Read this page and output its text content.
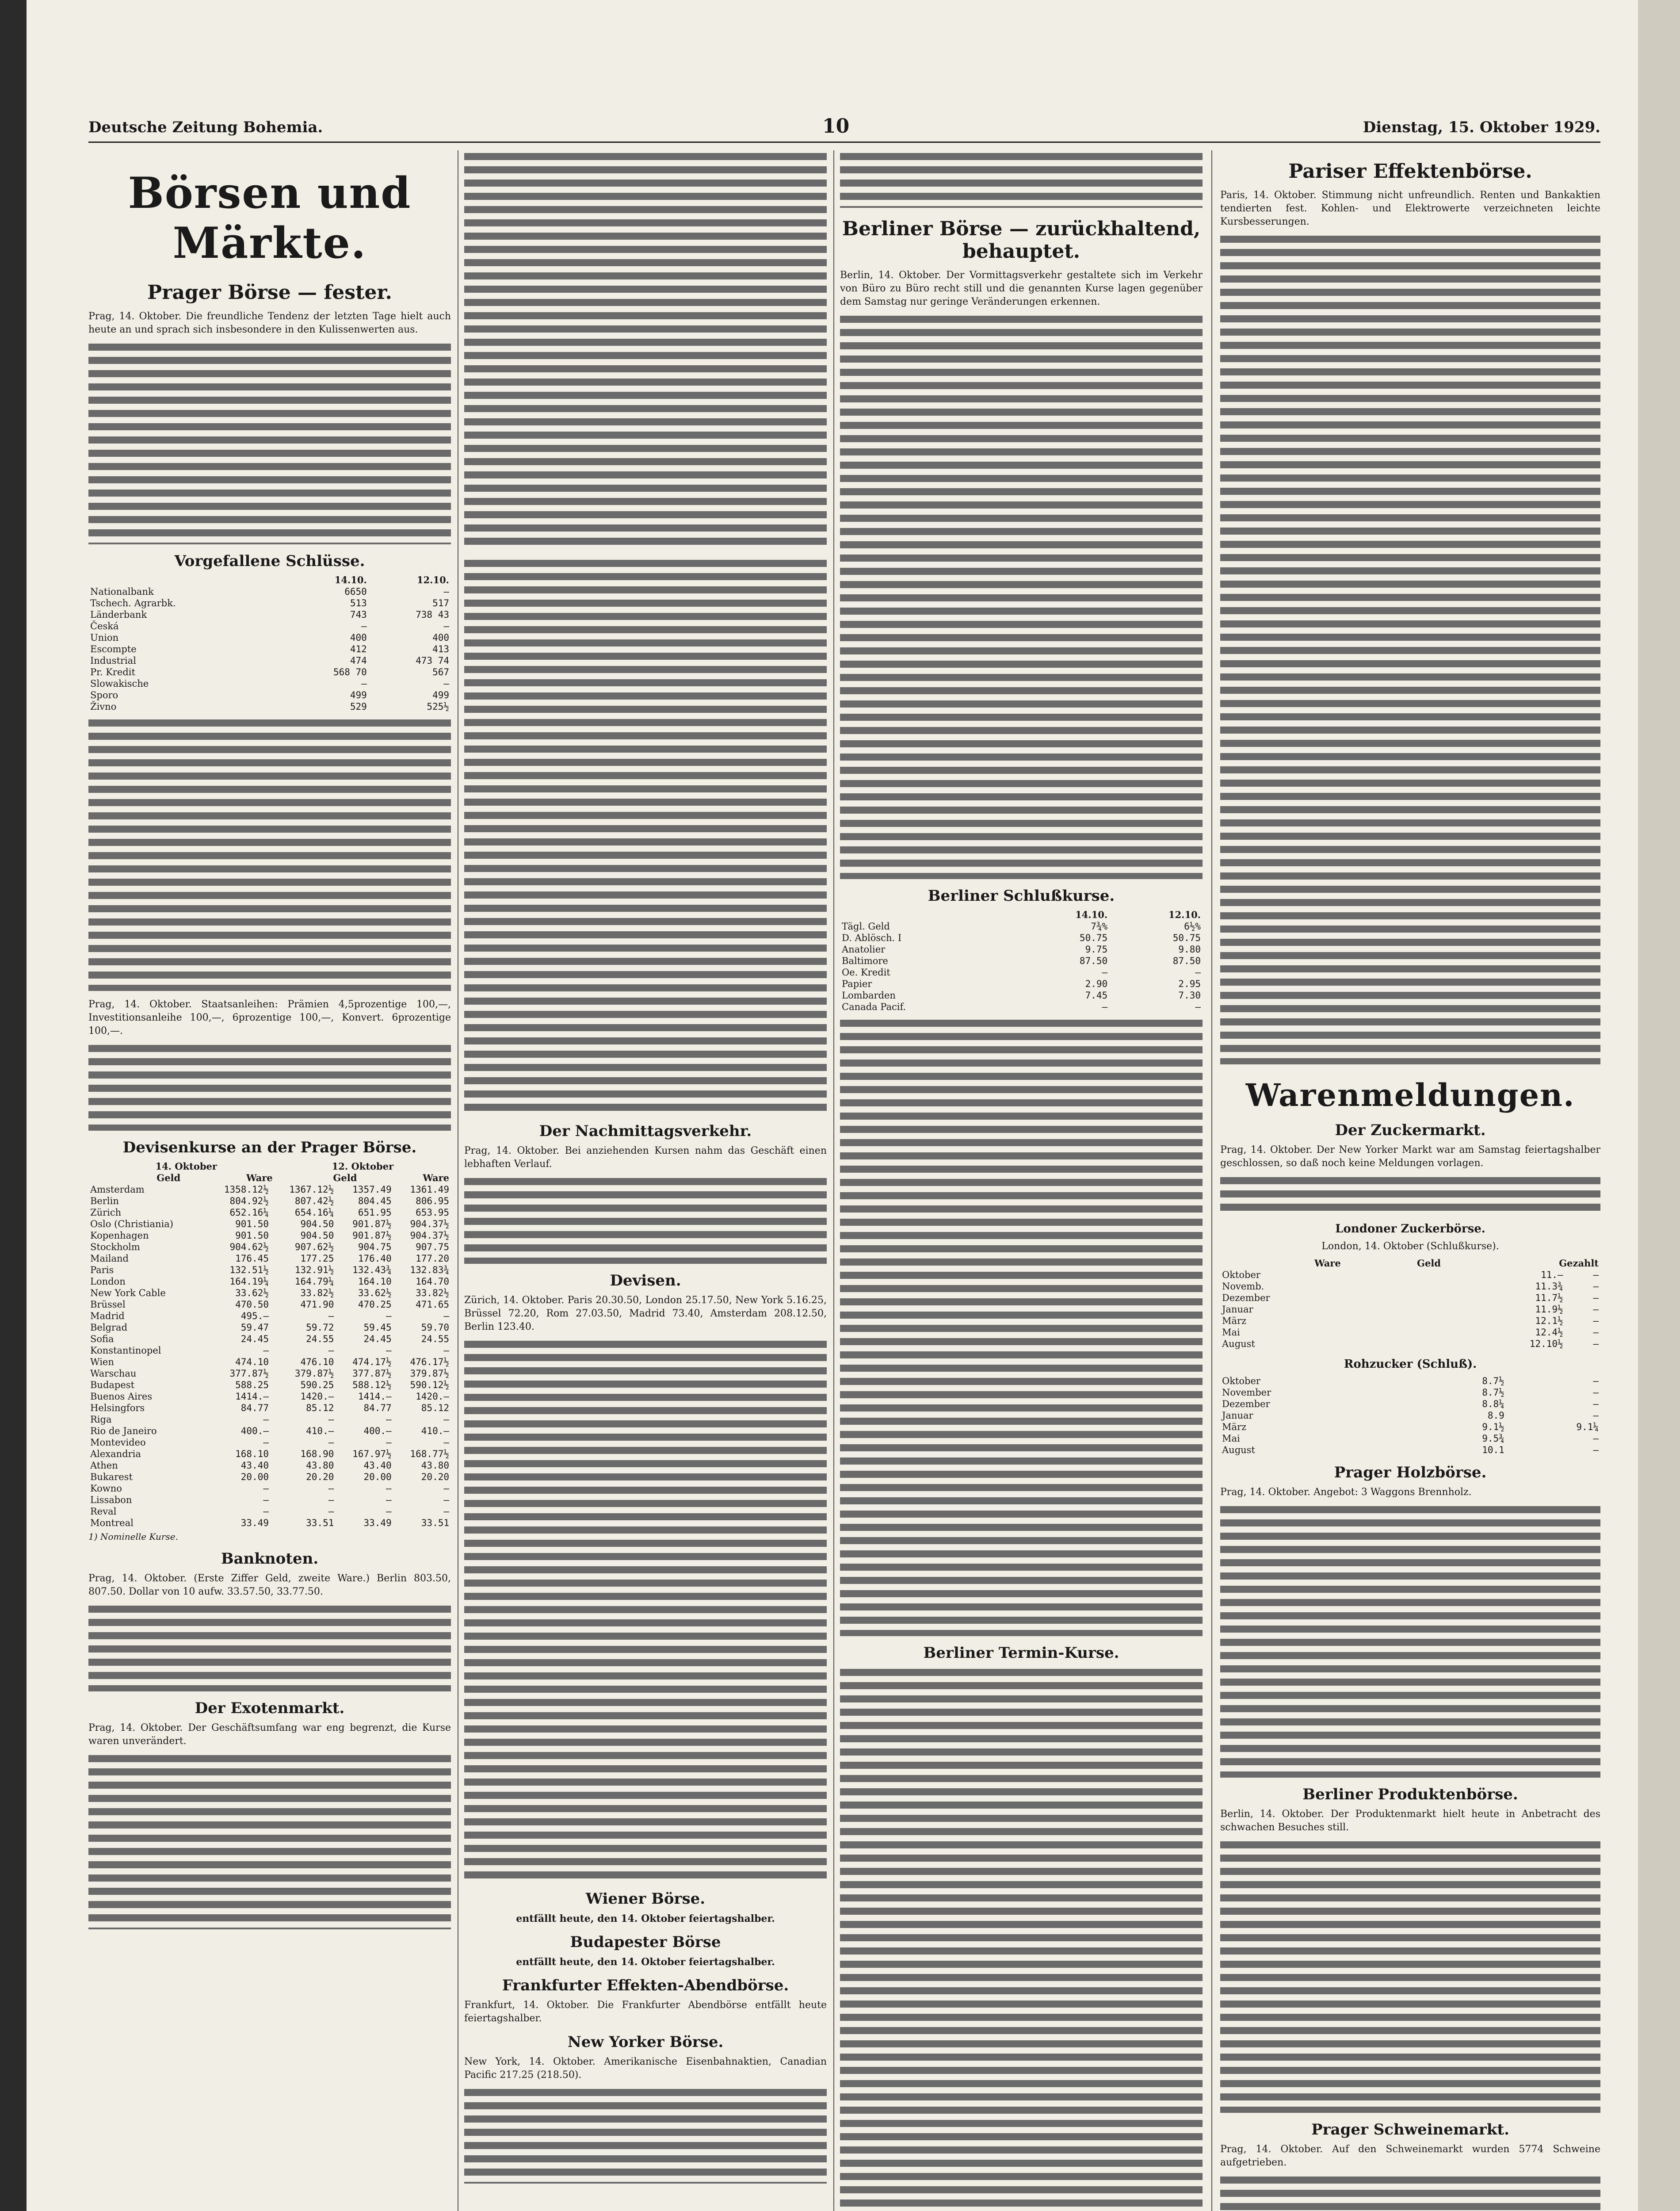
Deutsche Zeitung Bohemia.	10	Dienstag, 15. Oktober 1929.
Börsen und Märkte.
Prager Börse — fester.

Prag, 14. Oktober. Die freundliche Tendenz der letzten Tage hielt auch heute an und sprach sich insbesondere in den Kulissenwerten aus.

Vorgefallene Schlüsse.
	14.10.	12.10.
Nationalbank	6650	—
Tschech. Agrarbk.	513	517
Länderbank	743	738 43
Česká	—	—
Union	400	400
Escompte	412	413
Industrial	474	473 74
Pr. Kredit	568 70	567
Slowakische	—	—
Sporo	499	499
Živno	529	525½

Prag, 14. Oktober. Staatsanleihen: Prämien 4,5prozentige 100,—, Investitionsanleihe 100,—, 6prozentige 100,—, Konvert. 6prozentige 100,—.

Devisenkurse an der Prager Börse.
	14. Oktober		12. Oktober	
	Geld	Ware	Geld	Ware
Amsterdam	1358.12½	1367.12½	1357.49	1361.49
Berlin	804.92½	807.42½	804.45	806.95
Zürich	652.16¼	654.16¼	651.95	653.95
Oslo (Christiania)	901.50	904.50	901.87½	904.37½
Kopenhagen	901.50	904.50	901.87½	904.37½
Stockholm	904.62½	907.62½	904.75	907.75
Mailand	176.45	177.25	176.40	177.20
Paris	132.51½	132.91½	132.43¾	132.83¾
London	164.19¼	164.79¼	164.10	164.70
New York Cable	33.62½	33.82½	33.62½	33.82½
Brüssel	470.50	471.90	470.25	471.65
Madrid	495.—	—	—	—
Belgrad	59.47	59.72	59.45	59.70
Sofia	24.45	24.55	24.45	24.55
Konstantinopel	—	—	—	—
Wien	474.10	476.10	474.17½	476.17½
Warschau	377.87½	379.87½	377.87½	379.87½
Budapest	588.25	590.25	588.12½	590.12½
Buenos Aires	1414.—	1420.—	1414.—	1420.—
Helsingfors	84.77	85.12	84.77	85.12
Riga	—	—	—	—
Rio de Janeiro	400.—	410.—	400.—	410.—
Montevideo	—	—	—	—
Alexandria	168.10	168.90	167.97½	168.77½
Athen	43.40	43.80	43.40	43.80
Bukarest	20.00	20.20	20.00	20.20
Kowno	—	—	—	—
Lissabon	—	—	—	—
Reval	—	—	—	—
Montreal	33.49	33.51	33.49	33.51
1) Nominelle Kurse.
Banknoten.

Prag, 14. Oktober. (Erste Ziffer Geld, zweite Ware.) Berlin 803.50, 807.50. Dollar von 10 aufw. 33.57.50, 33.77.50.

Der Exotenmarkt.

Prag, 14. Oktober. Der Geschäftsumfang war eng begrenzt, die Kurse waren unverändert.

Der Nachmittagsverkehr.

Prag, 14. Oktober. Bei anziehenden Kursen nahm das Geschäft einen lebhaften Verlauf.

Devisen.

Zürich, 14. Oktober. Paris 20.30.50, London 25.17.50, New York 5.16.25, Brüssel 72.20, Rom 27.03.50, Madrid 73.40, Amsterdam 208.12.50, Berlin 123.40.

Wiener Börse.

entfällt heute, den 14. Oktober feiertagshalber.

Budapester Börse

entfällt heute, den 14. Oktober feiertagshalber.

Frankfurter Effekten-Abendbörse.

Frankfurt, 14. Oktober. Die Frankfurter Abendbörse entfällt heute feiertagshalber.

New Yorker Börse.

New York, 14. Oktober. Amerikanische Eisenbahnaktien, Canadian Pacific 217.25 (218.50).

Berliner Börse — zurückhaltend, behauptet.

Berlin, 14. Oktober. Der Vormittagsverkehr gestaltete sich im Verkehr von Büro zu Büro recht still und die genannten Kurse lagen gegenüber dem Samstag nur geringe Veränderungen erkennen.

Berliner Schlußkurse.
	14.10.	12.10.
Tägl. Geld	7¾%	6½%
D. Ablösch. I	50.75	50.75
Anatolier	9.75	9.80
Baltimore	87.50	87.50
Oe. Kredit	—	—
Papier	2.90	2.95
Lombarden	7.45	7.30
Canada Pacif.	—	—
Berliner Termin-Kurse.
Pariser Effektenbörse.

Paris, 14. Oktober. Stimmung nicht unfreundlich. Renten und Bankaktien tendierten fest. Kohlen- und Elektrowerte verzeichneten leichte Kursbesserungen.

Warenmeldungen.
Der Zuckermarkt.

Prag, 14. Oktober. Der New Yorker Markt war am Samstag feiertagshalber geschlossen, so daß noch keine Meldungen vorlagen.

Londoner Zuckerbörse.

London, 14. Oktober (Schlußkurse).

	Ware	Geld	Gezahlt
Oktober	11.—	—
Novemb.	11.3¾	—
Dezember	11.7½	—
Januar	11.9½	—
März	12.1½	—
Mai	12.4½	—
August	12.10½	—
Rohzucker (Schluß).
Oktober	8.7½	—
November	8.7½	—
Dezember	8.8¼	—
Januar	8.9	—
März	9.1½	9.1¼
Mai	9.5¾	—
August	10.1	—
Prager Holzbörse.

Prag, 14. Oktober. Angebot: 3 Waggons Brennholz.

Berliner Produktenbörse.

Berlin, 14. Oktober. Der Produktenmarkt hielt heute in Anbetracht des schwachen Besuches still.

Prager Schweinemarkt.

Prag, 14. Oktober. Auf den Schweinemarkt wurden 5774 Schweine aufgetrieben.
